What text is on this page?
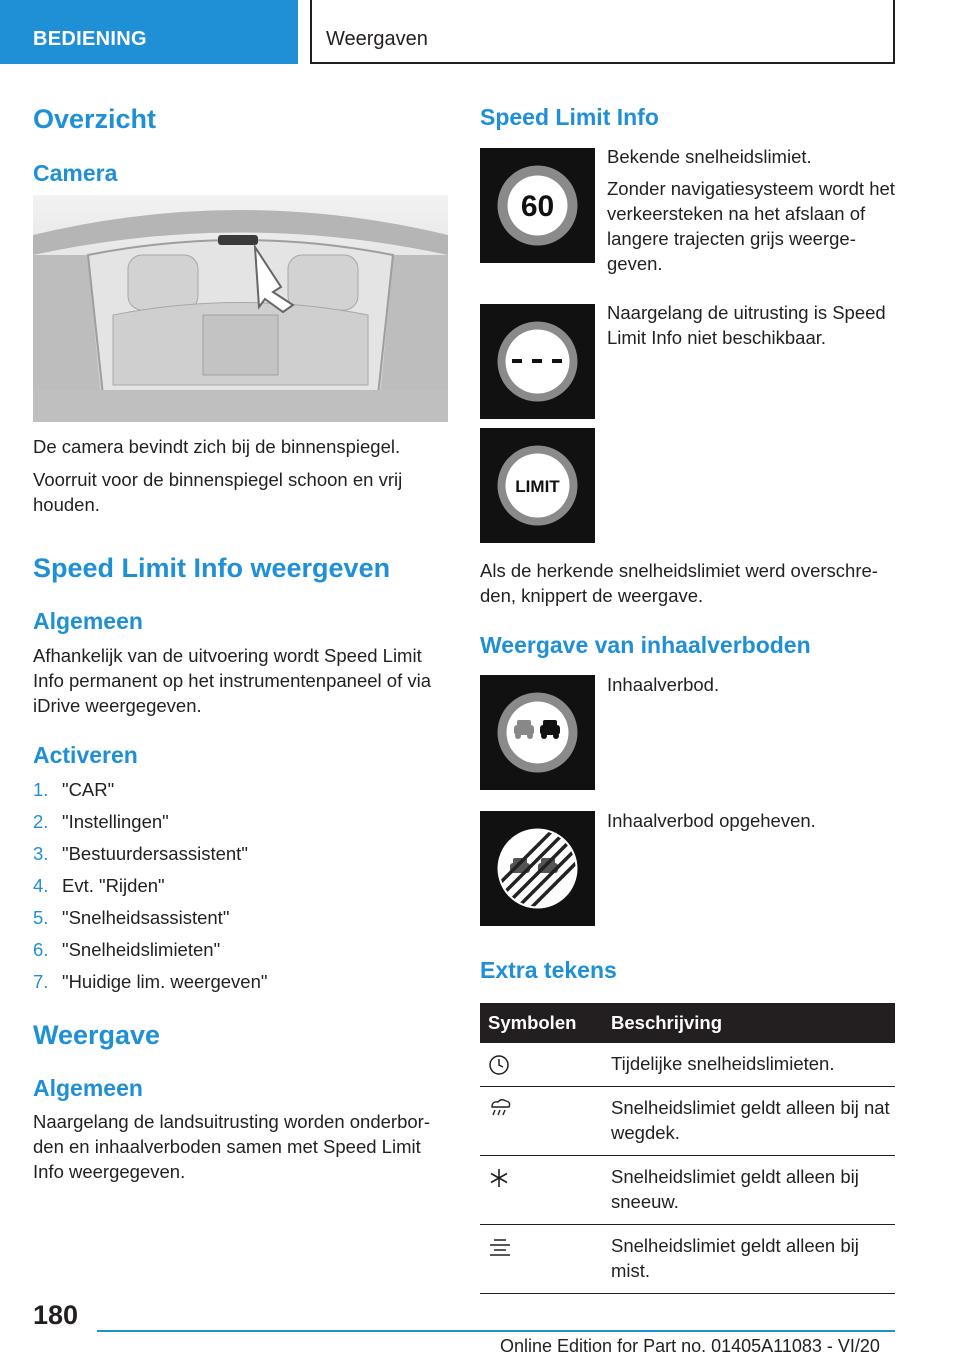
BEDIENING	Weergaven
Overzicht
Camera
De camera bevindt zich bij de binnenspiegel.
Voorruit voor de binnenspiegel schoon en vrij houden.
Speed Limit Info weergeven
Algemeen
Afhankelijk van de uitvoering wordt Speed Limit Info permanent op het instrumentenpaneel of via iDrive weergegeven.
Activeren
1. "CAR"
2. "Instellingen"
3. "Bestuurdersassistent"
4. Evt. "Rijden"
5. "Snelheidsassistent"
6. "Snelheidslimieten"
7. "Huidige lim. weergeven"
Weergave
Algemeen
Naargelang de landsuitrusting worden onderborden en inhaalverboden samen met Speed Limit Info weergegeven.
Speed Limit Info
60
Bekende snelheidslimiet.
Zonder navigatiesysteem wordt het verkeersteken na het afslaan of langere trajecten grijs weergegeven.
Naargelang de uitrusting is Speed Limit Info niet beschikbaar.
LIMIT
Als de herkende snelheidslimiet werd overschreden, knippert de weergave.
Weergave van inhaalverboden
Inhaalverbod.
Inhaalverbod opgeheven.
Extra tekens
Symbolen	Beschrijving

	Tijdelijke snelheidslimieten.

	Snelheidslimiet geldt alleen bij nat wegdek.

	Snelheidslimiet geldt alleen bij sneeuw.

	Snelheidslimiet geldt alleen bij mist.
180
Online Edition for Part no. 01405A11083 - VI/20
